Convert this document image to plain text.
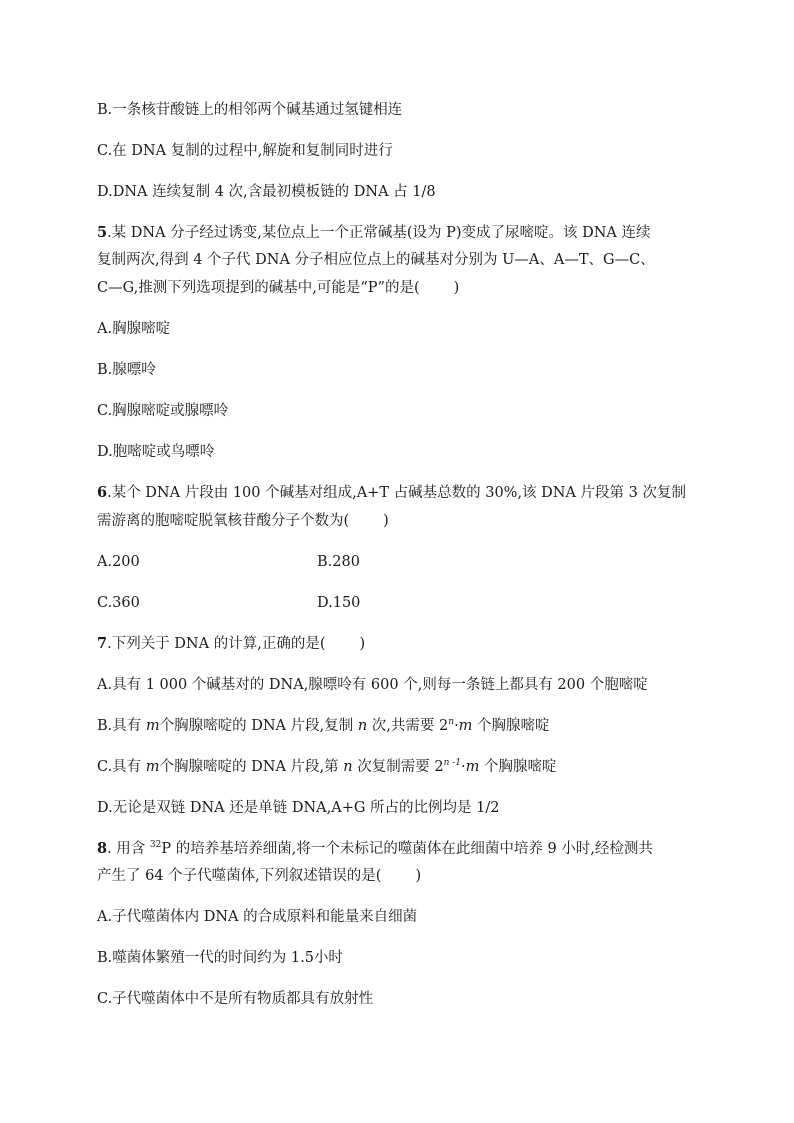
B.一条核苷酸链上的相邻两个碱基通过氢键相连
C.在 DNA 复制的过程中,解旋和复制同时进行
D.DNA 连续复制 4 次,含最初模板链的 DNA 占 1/8
5.某 DNA 分子经过诱变,某位点上一个正常碱基(设为 P)变成了尿嘧啶。该 DNA 连续
复制两次,得到 4 个子代 DNA 分子相应位点上的碱基对分别为 U—A、A—T、G—C、
C—G,推测下列选项提到的碱基中,可能是“P”的是( )
A.胸腺嘧啶
B.腺嘌呤
C.胸腺嘧啶或腺嘌呤
D.胞嘧啶或鸟嘌呤
6.某个 DNA 片段由 100 个碱基对组成,A+T 占碱基总数的 30%,该 DNA 片段第 3 次复制
需游离的胞嘧啶脱氧核苷酸分子个数为( )
A.200	B.280
C.360	D.150
7.下列关于 DNA 的计算,正确的是( )
A.具有 1 000 个碱基对的 DNA,腺嘌呤有 600 个,则每一条链上都具有 200 个胞嘧啶
B.具有 m个胸腺嘧啶的 DNA 片段,复制 n 次,共需要 $2^n\cdot m$ 个胸腺嘧啶
C.具有 m个胸腺嘧啶的 DNA 片段,第 n 次复制需要 $2^{n -1}\cdot m$ 个胸腺嘧啶
D.无论是双链 DNA 还是单链 DNA,A+G 所占的比例均是 1/2
8. 用含 $^{32}$P 的培养基培养细菌,将一个未标记的噬菌体在此细菌中培养 9 小时,经检测共
产生了 64 个子代噬菌体,下列叙述错误的是( )
A.子代噬菌体内 DNA 的合成原料和能量来自细菌
B.噬菌体繁殖一代的时间约为 1.5小时
C.子代噬菌体中不是所有物质都具有放射性
